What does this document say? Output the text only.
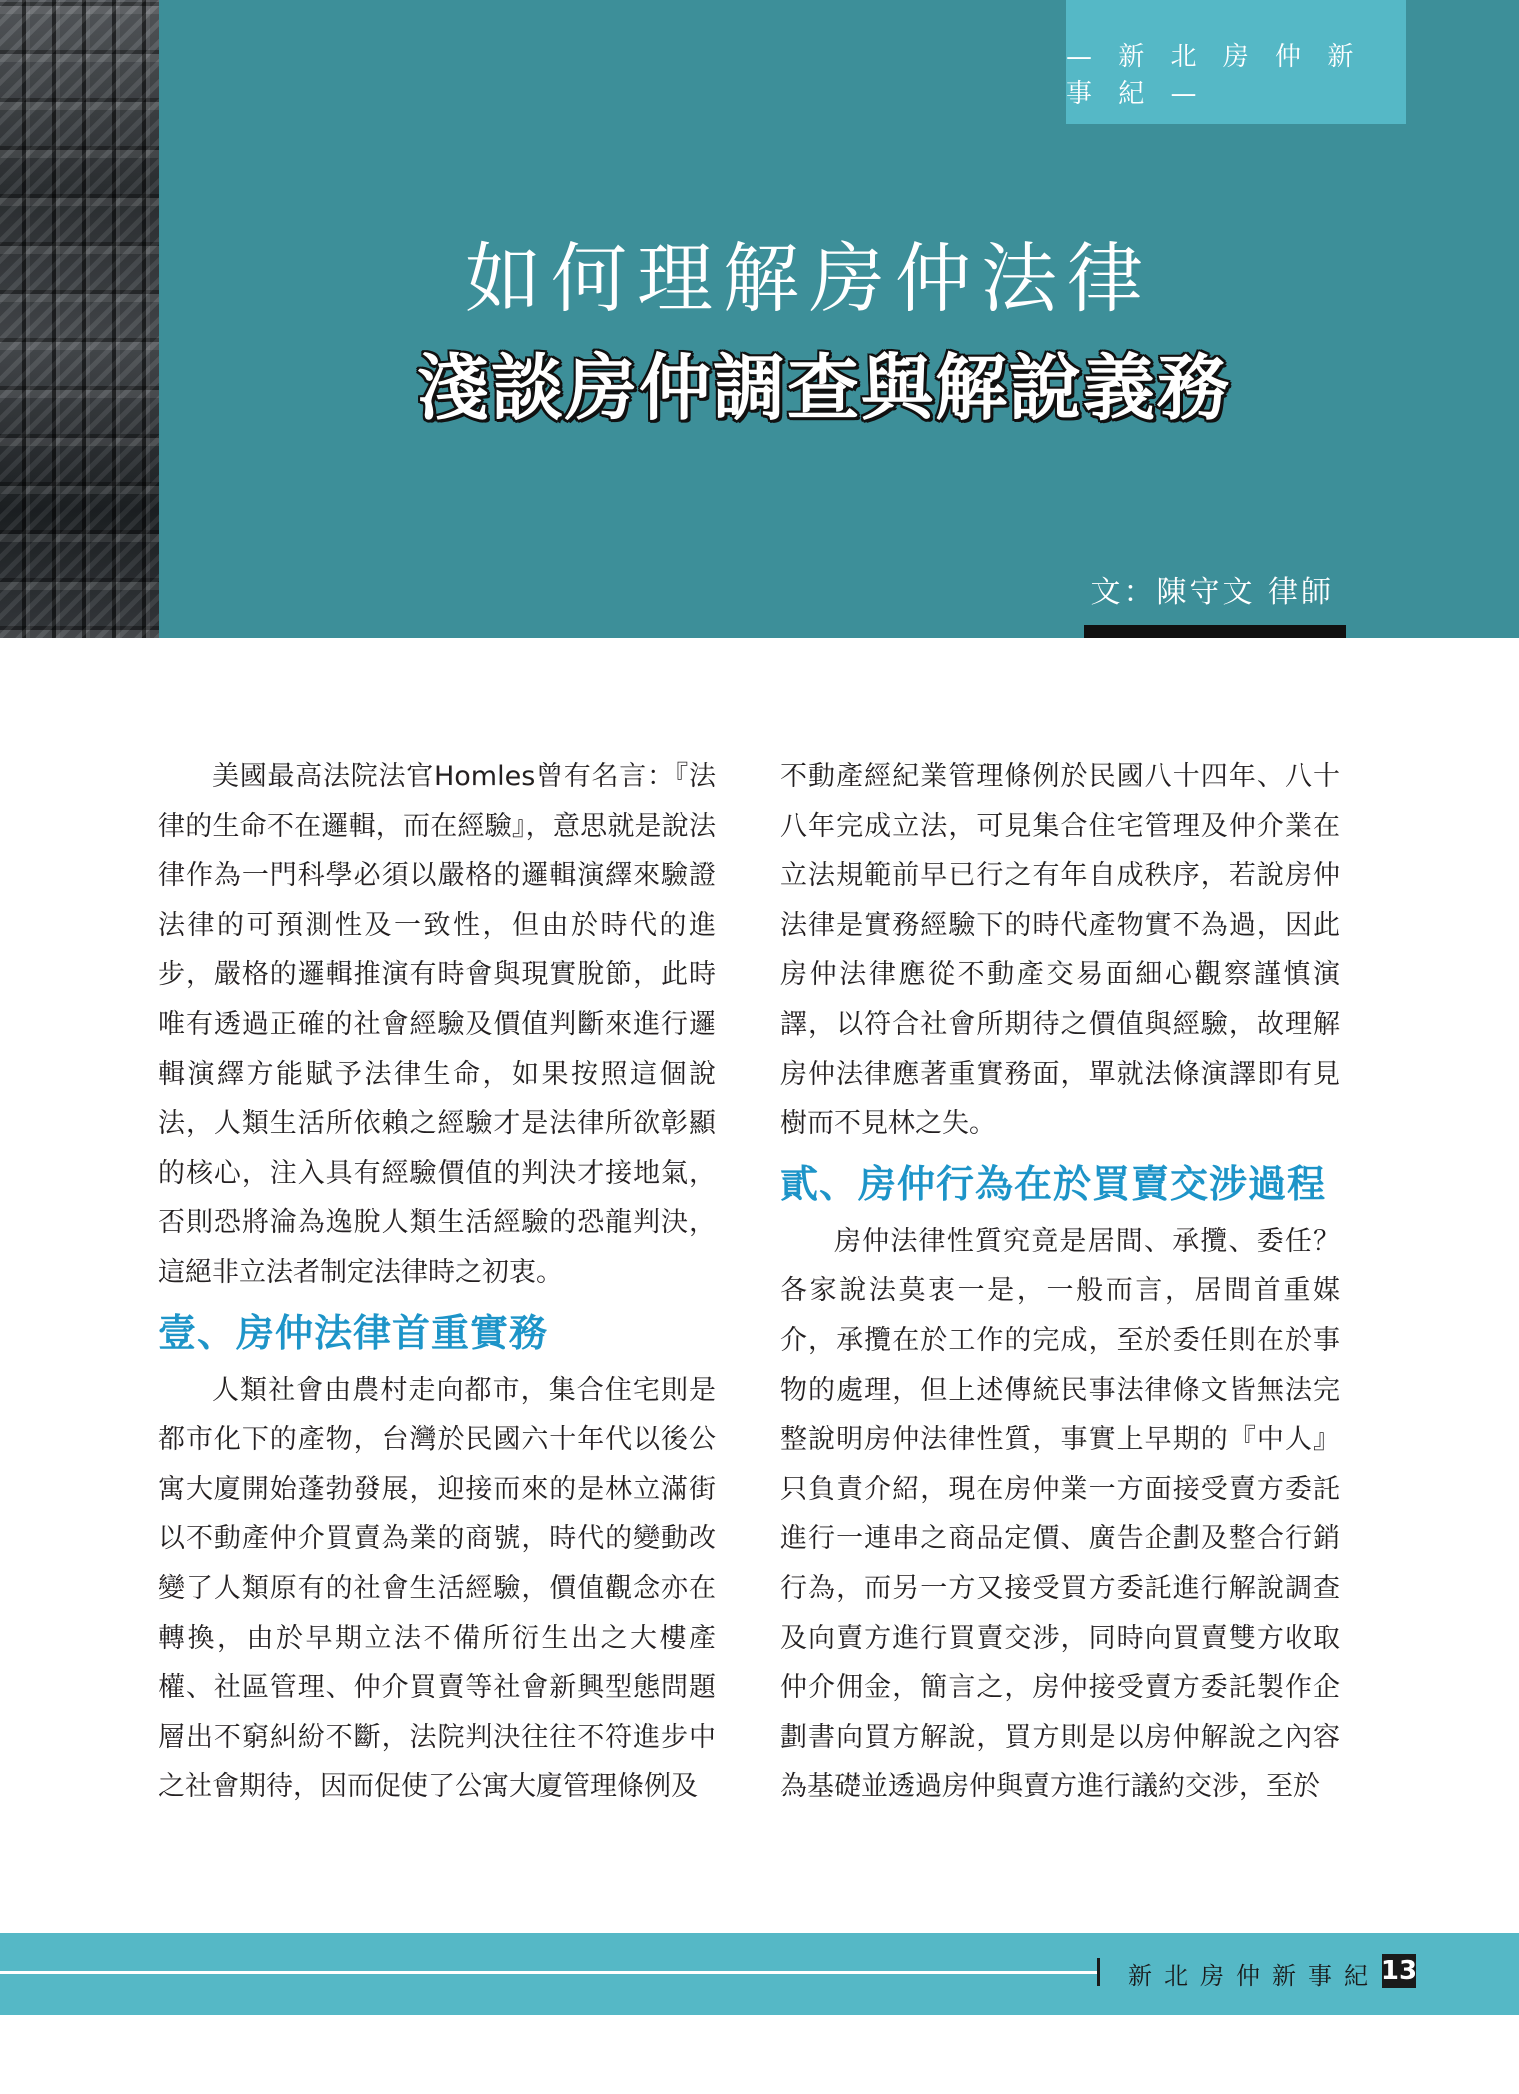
— 新 北 房 仲 新 事 紀 —
如何理解房仲法律
淺談房仲調查與解說義務
文：陳守文 律師

美國最高法院法官Homles曾有名言：『法律的生命不在邏輯，而在經驗』，意思就是說法律作為一門科學必須以嚴格的邏輯演繹來驗證法律的可預測性及一致性，但由於時代的進步，嚴格的邏輯推演有時會與現實脫節，此時唯有透過正確的社會經驗及價值判斷來進行邏輯演繹方能賦予法律生命，如果按照這個說法，人類生活所依賴之經驗才是法律所欲彰顯的核心，注入具有經驗價值的判決才接地氣，否則恐將淪為逸脫人類生活經驗的恐龍判決，這絕非立法者制定法律時之初衷。

壹、房仲法律首重實務

人類社會由農村走向都市，集合住宅則是都市化下的產物，台灣於民國六十年代以後公寓大廈開始蓬勃發展，迎接而來的是林立滿街以不動產仲介買賣為業的商號，時代的變動改變了人類原有的社會生活經驗，價值觀念亦在轉換，由於早期立法不備所衍生出之大樓產權、社區管理、仲介買賣等社會新興型態問題層出不窮糾紛不斷，法院判決往往不符進步中之社會期待，因而促使了公寓大廈管理條例及

不動產經紀業管理條例於民國八十四年、八十八年完成立法，可見集合住宅管理及仲介業在立法規範前早已行之有年自成秩序，若說房仲法律是實務經驗下的時代產物實不為過，因此房仲法律應從不動產交易面細心觀察謹慎演譯，以符合社會所期待之價值與經驗，故理解房仲法律應著重實務面，單就法條演譯即有見樹而不見林之失。

貳、房仲行為在於買賣交涉過程

房仲法律性質究竟是居間、承攬、委任？各家說法莫衷一是，一般而言，居間首重媒介，承攬在於工作的完成，至於委任則在於事物的處理，但上述傳統民事法律條文皆無法完整說明房仲法律性質，事實上早期的『中人』只負責介紹，現在房仲業一方面接受賣方委託進行一連串之商品定價、廣告企劃及整合行銷行為，而另一方又接受買方委託進行解說調查及向賣方進行買賣交涉，同時向買賣雙方收取仲介佣金，簡言之，房仲接受賣方委託製作企劃書向買方解說，買方則是以房仲解說之內容為基礎並透過房仲與賣方進行議約交涉，至於

新北房仲新事紀 13
